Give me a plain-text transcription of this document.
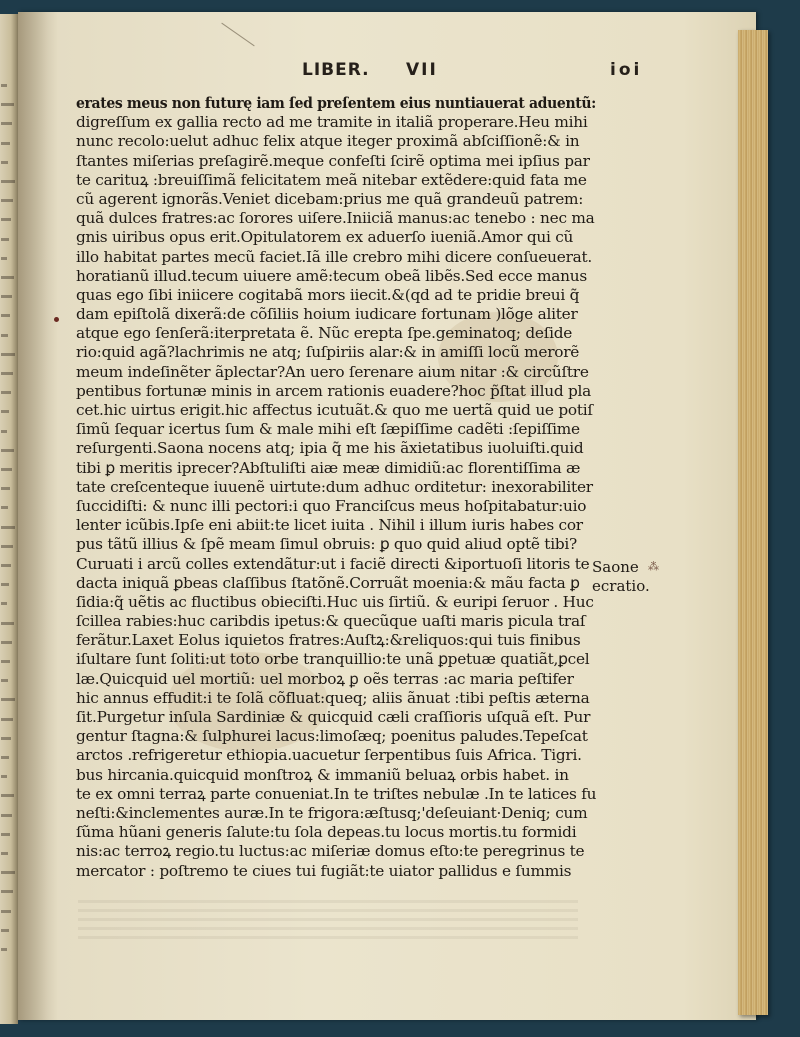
LIBER. VII	ioi
erates meus non futurę iam ſed preſentem eius nuntiauerat aduentũ:
digreſſum ex gallia recto ad me tramite in italiã properare.Heu mihi
nunc recolo:uelut adhuc felix atque iteger proximã abſciſſionẽ:& in
ſtantes miſerias preſagirẽ.meque confeſti ſcirẽ optima mei ipſius par
te carituꝝ :breuiſſimã felicitatem meã nitebar extẽdere:quid fata me
cũ agerent ignorãs.Veniet dicebam:prius me quã grandeuũ patrem:
quã dulces fratres:ac ſorores uiſere.Iniiciã manus:ac tenebo : nec ma
gnis uiribus opus erit.Opitulatorem ex aduerſo iueniã.Amor qui cũ
illo habitat partes mecũ faciet.Iã ille crebro mihi dicere conſueuerat.
horatianũ illud.tecum uiuere amẽ:tecum obeã libẽs.Sed ecce manus
quas ego ſibi iniicere cogitabã mors iiecit.&(qd ad te pridie breui q̃
dam epiſtolã dixerã:de cõſiliis hoium iudicare fortunam )lõge aliter
atque ego ſenſerã:iterpretata ẽ. Nũc erepta ſpe.geminatoq; deſide
rio:quid agã?lachrimis ne atq; ſuſpiriis alar:& in amiſſi locũ merorẽ
meum indeſinẽter ãplectar?An uero ſerenare aium nitar :& circũſtre
pentibus fortunæ minis in arcem rationis euadere?hoc p̃ſtat illud pla
cet.hic uirtus erigit.hic affectus icutuãt.& quo me uertã quid ue potiſ
ſimũ ſequar icertus ſum & male mihi eſt ſæpiſſime cadẽti :ſepiſſime
reſurgenti.Saona nocens atq; ipia q̃ me his ãxietatibus iuoluiſti.quid
tibi ꝑ meritis iprecer?Abſtuliſti aiæ meæ dimidiũ:ac florentiſſima æ
tate creſcenteque iuuenẽ uirtute:dum adhuc orditetur: inexorabiliter
ſuccidiſti: & nunc illi pectori:i quo Franciſcus meus hoſpitabatur:uio
lenter icũbis.Ipſe eni abiit:te licet iuita . Nihil i illum iuris habes cor
pus tãtũ illius & ſpẽ meam ſimul obruis: ꝑ quo quid aliud optẽ tibi?
Curuati i arcũ colles extendãtur:ut i faciẽ directi &iportuoſi litoris te
dacta iniquã ꝑbeas claſſibus ſtatõnẽ.Corruãt moenia:& mãu facta ꝑ
ſidia:q̃ uẽtis ac fluctibus obieciſti.Huc uis ſirtiũ. & euripi ſeruor . Huc
ſcillea rabies:huc caribdis ipetus:& quecũque uaſti maris picula traſ
ferãtur.Laxet Eolus iquietos fratres:Auſtꝝ:&reliquos:qui tuis finibus
iſultare ſunt ſoliti:ut toto orbe tranquillio:te unã ꝑpetuæ quatiãt,ꝑcel
læ.Quicquid uel mortiũ: uel morboꝝ ꝑ oẽs terras :ac maria peſtifer
hic annus effudit:i te ſolã cõfluat:queq; aliis ãnuat :tibi peſtis æterna
ſit.Purgetur inſula Sardiniæ & quicquid cæli craſſioris uſquã eſt. Pur
gentur ſtagna:& ſulphurei lacus:limoſæq; poenitus paludes.Tepeſcat
arctos .refrigeretur ethiopia.uacuetur ſerpentibus ſuis Africa. Tigri.
bus hircania.quicquid monſtroꝝ & immaniũ beluaꝝ orbis habet. in
te ex omni terraꝝ parte conueniat.In te triſtes nebulæ .In te latices fu
neſti:&inclementes auræ.In te frigora:æſtusq;'deſeuiant·Deniq; cum
ſũma hũani generis ſalute:tu ſola depeas.tu locus mortis.tu formidi
nis:ac terroꝝ regio.tu luctus:ac miſeriæ domus eſto:te peregrinus te
mercator : poſtremo te ciues tui fugiãt:te uiator pallidus e ſummis
Saone
ecratio.
⁂
